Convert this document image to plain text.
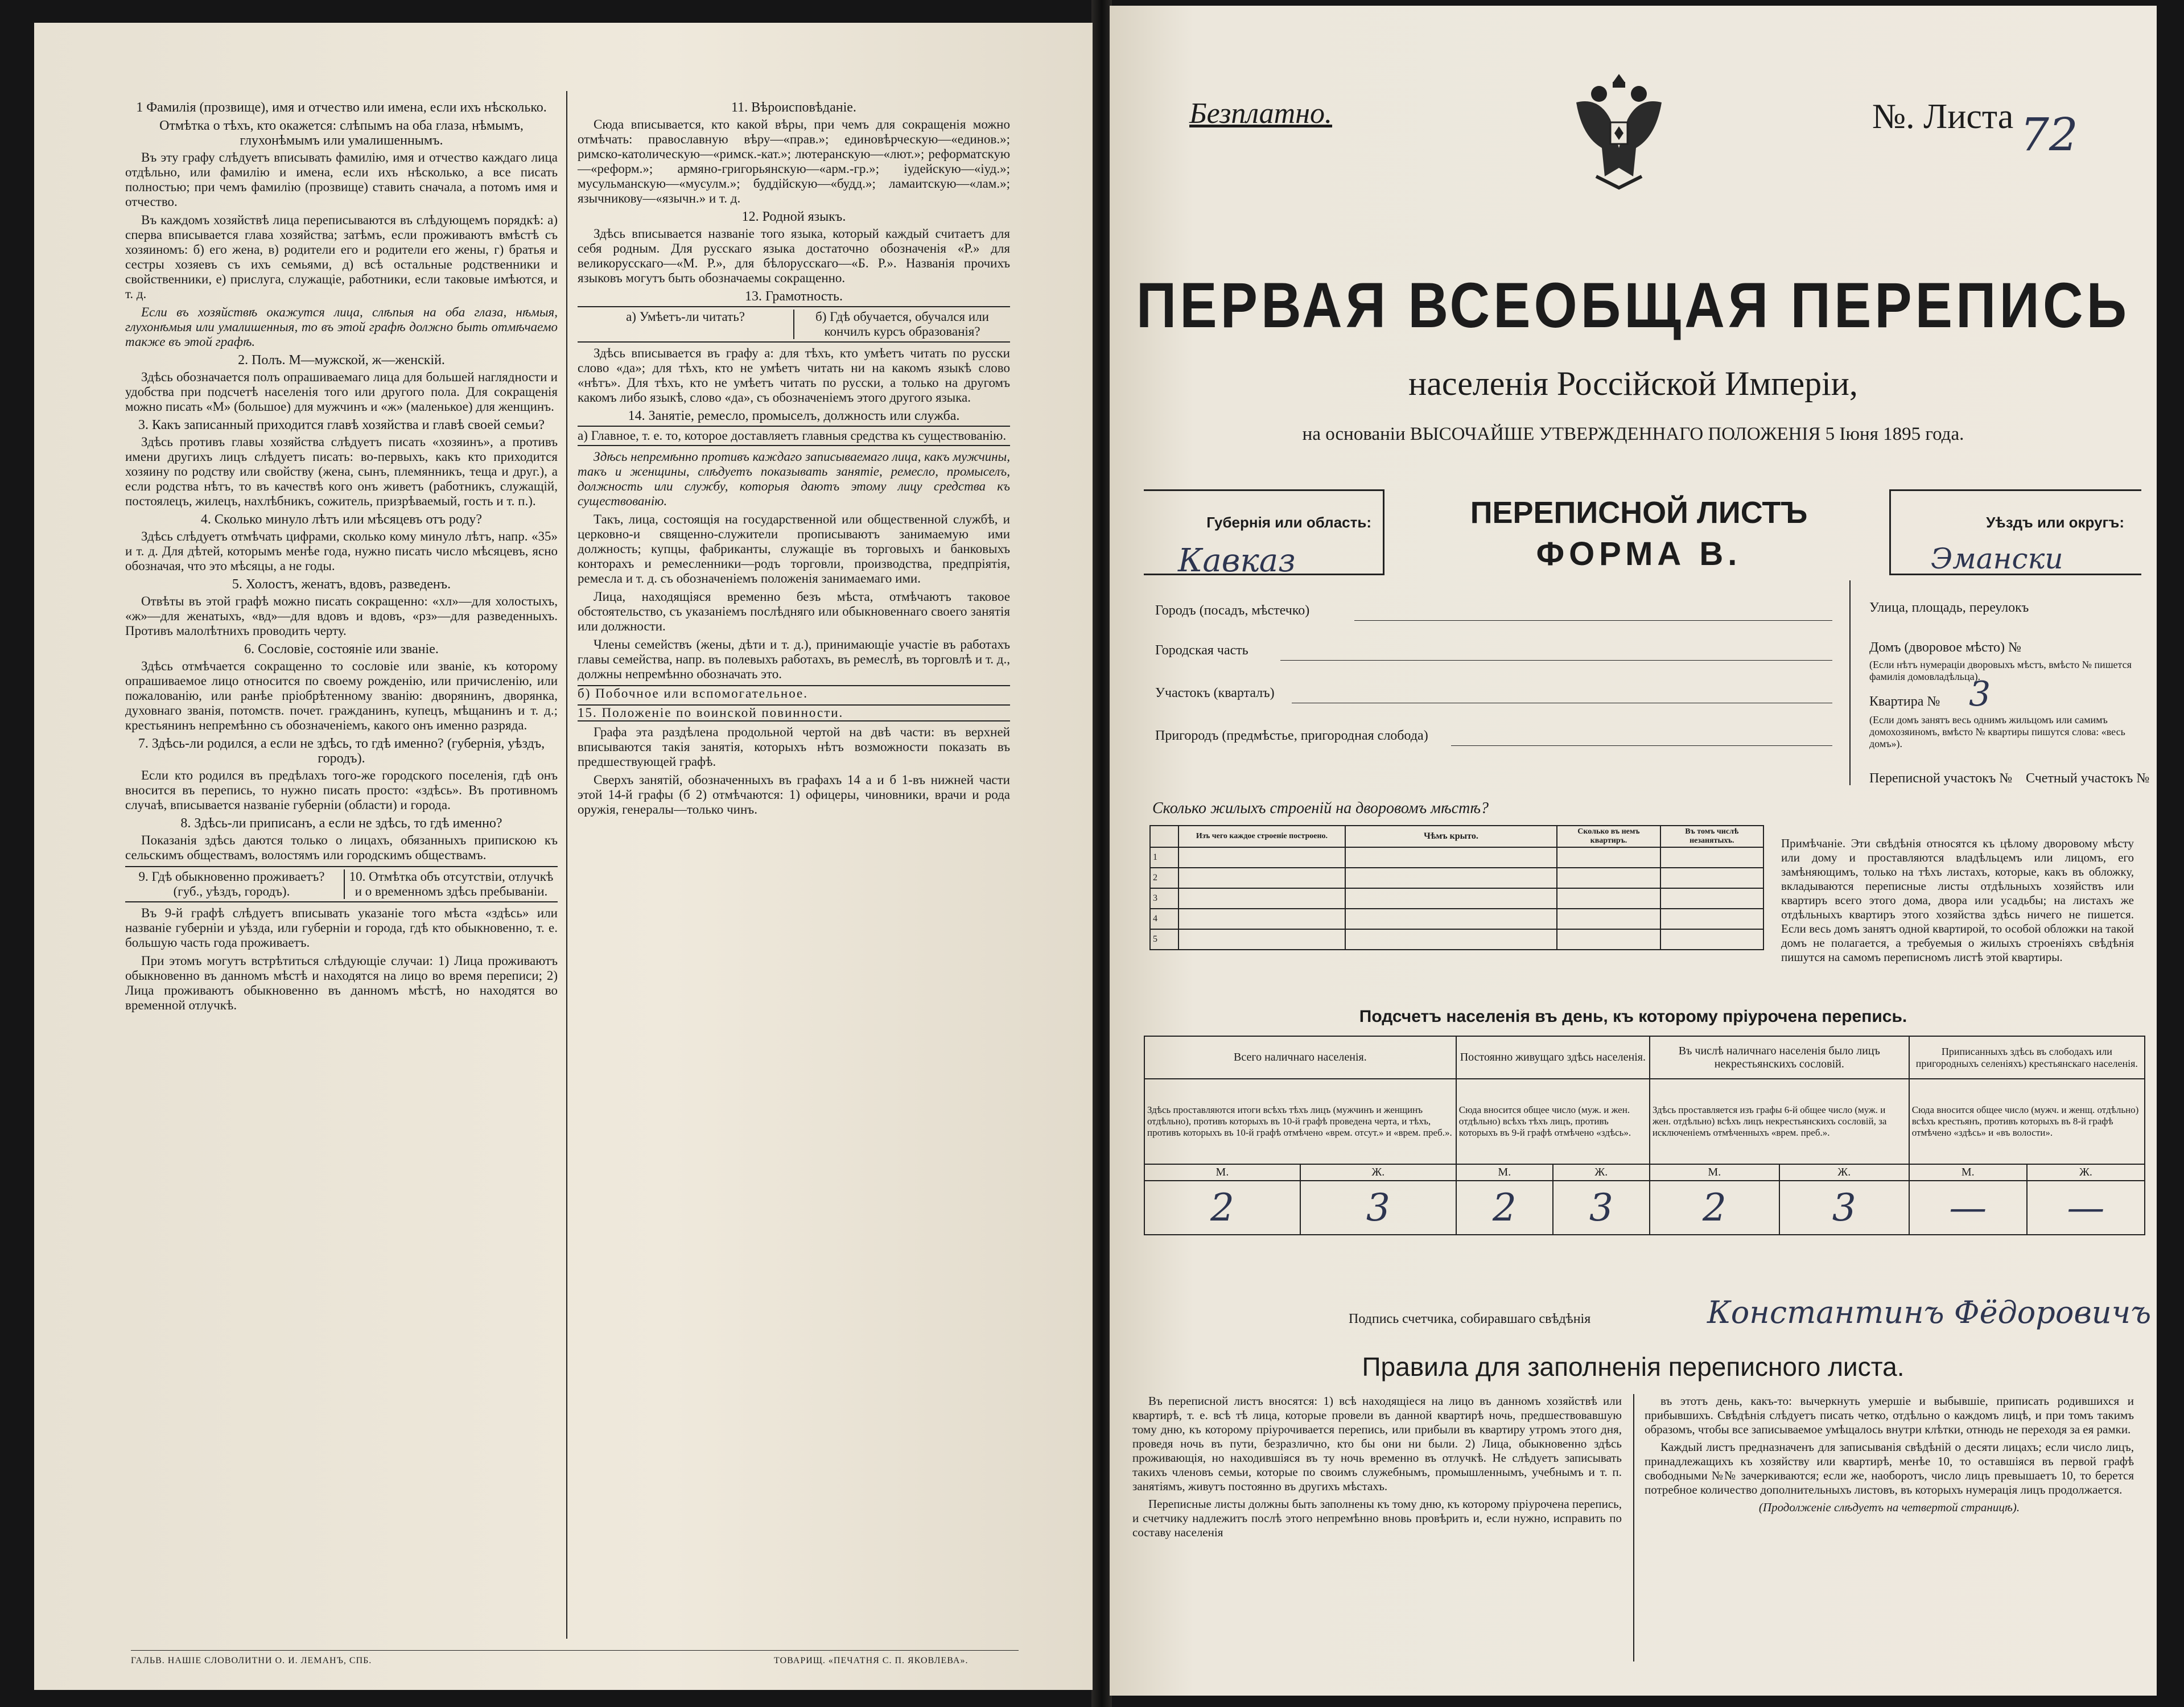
1 Фамилія (прозвище), имя и отчество или имена, если ихъ нѣсколько.
Отмѣтка о тѣхъ, кто окажется: слѣпымъ на оба глаза, нѣмымъ, глухонѣмымъ или умалишеннымъ.

Въ эту графу слѣдуетъ вписывать фамилію, имя и отчество каждаго лица отдѣльно, или фамилію и имена, если ихъ нѣсколько, а все писать полностью; при чемъ фамилію (прозвище) ставить сначала, а потомъ имя и отчество.

Въ каждомъ хозяйствѣ лица переписываются въ слѣдующемъ порядкѣ: а) сперва вписывается глава хозяйства; затѣмъ, если проживаютъ вмѣстѣ съ хозяиномъ: б) его жена, в) родители его и родители его жены, г) братья и сестры хозяевъ съ ихъ семьями, д) всѣ остальные родственники и свойственники, е) прислуга, служащіе, работники, если таковые имѣются, и т. д.

Если въ хозяйствѣ окажутся лица, слѣпыя на оба глаза, нѣмыя, глухонѣмыя или умалишенныя, то въ этой графѣ должно быть отмѣчаемо также въ этой графѣ.

2. Полъ. М—мужской, ж—женскій.

Здѣсь обозначается полъ опрашиваемаго лица для большей наглядности и удобства при подсчетѣ населенія того или другого пола. Для сокращенія можно писать «М» (большое) для мужчинъ и «ж» (маленькое) для женщинъ.

3. Какъ записанный приходится главѣ хозяйства и главѣ своей семьи?

Здѣсь противъ главы хозяйства слѣдуетъ писать «хозяинъ», а противъ имени другихъ лицъ слѣдуетъ писать: во-первыхъ, какъ кто приходится хозяину по родству или свойству (жена, сынъ, племянникъ, теща и друг.), а если родства нѣтъ, то въ качествѣ кого онъ живетъ (работникъ, служащій, постоялецъ, жилецъ, нахлѣбникъ, сожитель, призрѣваемый, гость и т. п.).

4. Сколько минуло лѣтъ или мѣсяцевъ отъ роду?

Здѣсь слѣдуетъ отмѣчать цифрами, сколько кому минуло лѣтъ, напр. «35» и т. д. Для дѣтей, которымъ менѣе года, нужно писать число мѣсяцевъ, ясно обозначая, что это мѣсяцы, а не годы.

5. Холостъ, женатъ, вдовъ, разведенъ.

Отвѣты въ этой графѣ можно писать сокращенно: «хл»—для холостыхъ, «ж»—для женатыхъ, «вд»—для вдовъ и вдовъ, «рз»—для разведенныхъ. Противъ малолѣтнихъ проводить черту.

6. Сословіе, состояніе или званіе.

Здѣсь отмѣчается сокращенно то сословіе или званіе, къ которому опрашиваемое лицо относится по своему рожденію, или причисленію, или пожалованію, или ранѣе пріобрѣтенному званію: дворянинъ, дворянка, духовнаго званія, потомств. почет. гражданинъ, купецъ, мѣщанинъ и т. д.; крестьянинъ непремѣнно съ обозначеніемъ, какого онъ именно разряда.

7. Здѣсь-ли родился, а если не здѣсь, то гдѣ именно? (губернія, уѣздъ, городъ).

Если кто родился въ предѣлахъ того-же городского поселенія, гдѣ онъ вносится въ перепись, то нужно писать просто: «здѣсь». Въ противномъ случаѣ, вписывается названіе губерніи (области) и города.

8. Здѣсь-ли приписанъ, а если не здѣсь, то гдѣ именно?

Показанія здѣсь даются только о лицахъ, обязанныхъ припискою къ сельскимъ обществамъ, волостямъ или городскимъ обществамъ.

9. Гдѣ обыкновенно проживаетъ? (губ., уѣздъ, городъ).
10. Отмѣтка объ отсутствіи, отлучкѣ и о временномъ здѣсь пребываніи.

Въ 9-й графѣ слѣдуетъ вписывать указаніе того мѣста «здѣсь» или названіе губерніи и уѣзда, или губерніи и города, гдѣ кто обыкновенно, т. е. большую часть года проживаетъ.

При этомъ могутъ встрѣтиться слѣдующіе случаи: 1) Лица проживаютъ обыкновенно въ данномъ мѣстѣ и находятся на лицо во время переписи; 2) Лица проживаютъ обыкновенно въ данномъ мѣстѣ, но находятся во временной отлучкѣ.

ГАЛЬВ. НАШІЕ СЛОВОЛИТНИ О. И. ЛЕМАНЪ, СПБ.
11. Вѣроисповѣданіе.

Сюда вписывается, кто какой вѣры, при чемъ для сокращенія можно отмѣчать: православную вѣру—«прав.»; единовѣрческую—«единов.»; римско-католическую—«римск.-кат.»; лютеранскую—«лют.»; реформатскую—«реформ.»; армяно-григорьянскую—«арм.-гр.»; іудейскую—«іуд.»; мусульманскую—«мусулм.»; буддійскую—«будд.»; ламаитскую—«лам.»; язычникову—«язычн.» и т. д.

12. Родной языкъ.

Здѣсь вписывается названіе того языка, который каждый считаетъ для себя родным. Для русскаго языка достаточно обозначенія «Р.» для великорусскаго—«М. Р.», для бѣлорусскаго—«Б. Р.». Названія прочихъ языковъ могутъ быть обозначаемы сокращенно.

13. Грамотность.
а) Умѣетъ-ли читать?	б) Гдѣ обучается, обучался или кончилъ курсъ образованія?

Здѣсь вписывается въ графу а: для тѣхъ, кто умѣетъ читать по русски слово «да»; для тѣхъ, кто не умѣетъ читать ни на какомъ языкѣ слово «нѣтъ». Для тѣхъ, кто не умѣетъ читать по русски, а только на другомъ какомъ либо языкѣ, слово «да», съ обозначеніемъ этого другого языка.

14. Занятіе, ремесло, промыселъ, должность или служба.

а) Главное, т. е. то, которое доставляетъ главныя средства къ существованію.

Здѣсь непремѣнно противъ каждаго записываемаго лица, какъ мужчины, такъ и женщины, слѣдуетъ показывать занятіе, ремесло, промыселъ, должность или службу, которыя даютъ этому лицу средства къ существованію.

Такъ, лица, состоящія на государственной или общественной службѣ, и церковно-и священно-служители прописываютъ занимаемую ими должность; купцы, фабриканты, служащіе въ торговыхъ и банковыхъ конторахъ и ремесленники—родъ торговли, производства, предпріятія, ремесла и т. д. съ обозначеніемъ положенія занимаемаго ими.

Лица, находящіяся временно безъ мѣста, отмѣчаютъ таковое обстоятельство, съ указаніемъ послѣдняго или обыкновеннаго своего занятія или должности.

Члены семействъ (жены, дѣти и т. д.), принимающіе участіе въ работахъ главы семейства, напр. въ полевыхъ работахъ, въ ремеслѣ, въ торговлѣ и т. д., должны непремѣнно обозначать это.

б) Побочное или вспомогательное.

15. Положеніе по воинской повинности.

Графа эта раздѣлена продольной чертой на двѣ части: въ верхней вписываются такія занятія, которыхъ нѣтъ возможности показать въ предшествующей графѣ.

Сверхъ занятій, обозначенныхъ въ графахъ 14 а и б 1-въ нижней части этой 14-й графы (б 2) отмѣчаются: 1) офицеры, чиновники, врачи и рода оружія, генералы—только чинъ.

ТОВАРИЩ. «ПЕЧАТНЯ С. П. ЯКОВЛЕВА».
Безплатно.	№. Листа 72
ПЕРВАЯ ВСЕОБЩАЯ ПЕРЕПИСЬ
населенія Россійской Имперіи,
на основаніи ВЫСОЧАЙШЕ УТВЕРЖДЕННАГО ПОЛОЖЕНІЯ 5 Іюня 1895 года.
Губернія или область:
Кавказ
ПЕРЕПИСНОЙ ЛИСТЪ
ФОРМА В.
Уѣздъ или округъ:
Эмански
Городъ (посадъ, мѣстечко)
Городская часть
Участокъ (кварталъ)
Пригородъ (предмѣстье, пригородная слобода)
Улица, площадь, переулокъ
Домъ (дворовое мѣсто) №
(Если нѣтъ нумераціи дворовыхъ мѣстъ, вмѣсто № пишется фамилія домовладѣльца).
Квартира № 3
(Если домъ занятъ весь однимъ жильцомъ или самимъ домохозяиномъ, вмѣсто № квартиры пишутся слова: «весь домъ»).
Переписной участокъ № Счетный участокъ №
Сколько жилыхъ строеній на дворовомъ мѣстѣ?
	Изъ чего каждое строеніе построено.	Чѣмъ крыто.	Сколько въ немъ квартиръ.	Въ томъ числѣ незанятыхъ.
1				
2				
3				
4				
5				
Примѣчаніе. Эти свѣдѣнія относятся къ цѣлому дворовому мѣсту или дому и проставляются владѣльцемъ или лицомъ, его замѣняющимъ, только на тѣхъ листахъ, которые, какъ въ обложку, вкладываются переписные листы отдѣльныхъ хозяйствъ или квартиръ всего этого дома, двора или усадьбы; на листахъ же отдѣльныхъ квартиръ этого хозяйства здѣсь ничего не пишется. Если весь домъ занятъ одной квартирой, то особой обложки на такой домъ не полагается, а требуемыя о жилыхъ строеніяхъ свѣдѣнія пишутся на самомъ переписномъ листѣ этой квартиры.
Подсчетъ населенія въ день, къ которому пріурочена перепись.
Всего наличнаго населенія.		Постоянно живущаго здѣсь населенія.		Въ числѣ наличнаго населенія было лицъ некрестьянскихъ сословій.		Приписанныхъ здѣсь въ слободахъ или пригородныхъ селеніяхъ) крестьянскаго населенія.	
Здѣсь проставляются итоги всѣхъ тѣхъ лицъ (мужчинъ и женщинъ отдѣльно), противъ которыхъ въ 10-й графѣ проведена черта, и тѣхъ, противъ которыхъ въ 10-й графѣ отмѣчено «врем. отсут.» и «врем. преб.».		Сюда вносится общее число (муж. и жен. отдѣльно) всѣхъ тѣхъ лицъ, противъ которыхъ въ 9-й графѣ отмѣчено «здѣсь».		Здѣсь проставляется изъ графы 6-й общее число (муж. и жен. отдѣльно) всѣхъ лицъ некрестьянскихъ сословій, за исключеніемъ отмѣченныхъ «врем. преб.».		Сюда вносится общее число (мужч. и женщ. отдѣльно) всѣхъ крестьянъ, противъ которыхъ въ 8-й графѣ отмѣчено «здѣсь» и «въ волости».	
М.	Ж.	М.	Ж.	М.	Ж.	М.	Ж.
2	3	2	3	2	3	—	—
Подпись счетчика, собиравшаго свѣдѣнія	Константинъ Фёдоровичъ
Правила для заполненія переписного листа.

Въ переписной листъ вносятся: 1) всѣ находящіеся на лицо въ данномъ хозяйствѣ или квартирѣ, т. е. всѣ тѣ лица, которые провели въ данной квартирѣ ночь, предшествовавшую тому дню, къ которому пріурочивается перепись, или прибыли въ квартиру утромъ этого дня, проведя ночь въ пути, безразлично, кто бы они ни были. 2) Лица, обыкновенно здѣсь проживающія, но находившіяся въ ту ночь временно въ отлучкѣ. Не слѣдуетъ записывать такихъ членовъ семьи, которые по своимъ служебнымъ, промышленнымъ, учебнымъ и т. п. занятіямъ, живутъ постоянно въ другихъ мѣстахъ.

Переписные листы должны быть заполнены къ тому дню, къ которому пріурочена перепись, и счетчику надлежитъ послѣ этого непремѣнно вновь провѣрить и, если нужно, исправить по составу населенія

въ этотъ день, какъ-то: вычеркнуть умершіе и выбывшіе, приписать родившихся и прибывшихъ. Свѣдѣнія слѣдуетъ писать четко, отдѣльно о каждомъ лицѣ, и при томъ такимъ образомъ, чтобы все записываемое умѣщалось внутри клѣтки, отнюдь не переходя за ея рамки.

Каждый листъ предназначенъ для записыванія свѣдѣній о десяти лицахъ; если число лицъ, принадлежащихъ къ хозяйству или квартирѣ, менѣе 10, то оставшіяся въ первой графѣ свободными №№ зачеркиваются; если же, наоборотъ, число лицъ превышаетъ 10, то берется потребное количество дополнительныхъ листовъ, въ которыхъ нумерація лицъ продолжается.

(Продолженіе слѣдуетъ на четвертой страницѣ).
